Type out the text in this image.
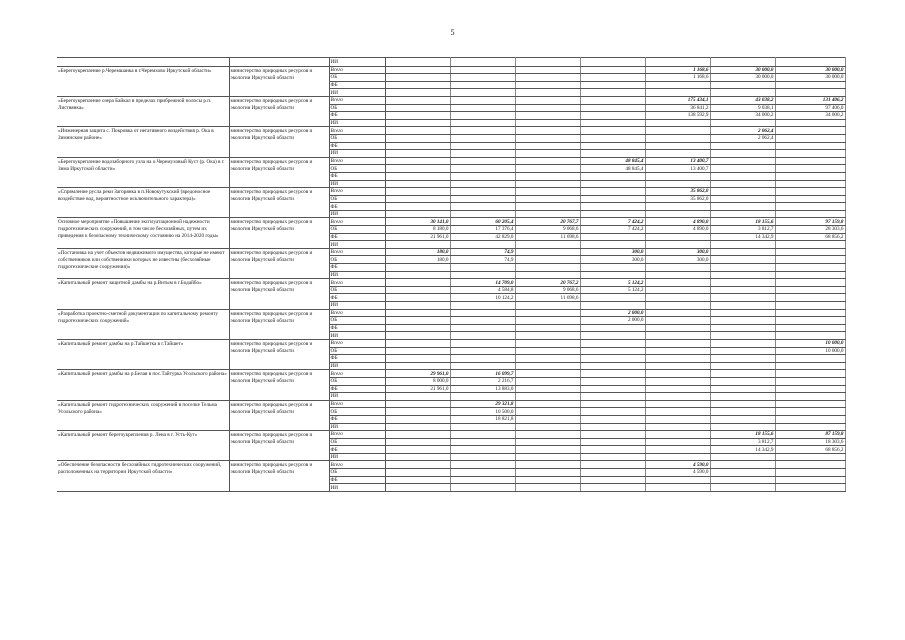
5
		ИИ							
«Берегоукрепление р.Черемшанка в г.Черемхово Иркутской области»	министерство природных ресурсов и экологии Иркутской области	Всего					1 168,6	30 000,0	30 000,0
		ОБ					1 168,6	30 000,0	30 000,0
		ФБ							
		ИИ							
«Берегоукрепление озера Байкал в пределах прибрежной полосы р.п. Листвянка»	министерство природных ресурсов и экологии Иркутской области	Всего					175 434,1	43 038,2	131 406,2
		ОБ					36 841,2	9 038,1	97 406,0
		ФБ					138 592,9	34 000,2	34 000,2
		ИИ							
«Инженерная защита с. Покровка от негативного воздействия р. Ока в Зиминском районе»	министерство природных ресурсов и экологии Иркутской области	Всего						2 062,4	
		ОБ						2 062,4	
		ФБ							
		ИИ							
«Берегоукрепление водозаборного узла на о.Черемуховый Куст (р. Ока) в г. Зима Иркутской области»	министерство природных ресурсов и экологии Иркутской области	Всего				48 845,4	13 400,7		
		ОБ				48 845,4	13 400,7		
		ФБ							
		ИИ							
«Спрямление русла реки Загорянка в п.Новокутукский (вредоносное воздействие вод, вероятностное исключительного характера)»	министерство природных ресурсов и экологии Иркутской области	Всего					35 862,0		
		ОБ					35 862,0		
		ФБ							
		ИИ							
Основное мероприятие «Повышение эксплуатационной надежности гидротехнических сооружений, в том числе бесхозяйных, путем их приведения к безопасному техническому состоянию на 2014-2020 годы»	министерство природных ресурсов и экологии Иркутской области	Всего	30 141,0	60 205,4	20 767,7	7 424,2	4 890,0	18 155,6	97 159,8
		ОБ	8 180,0	17 376,4	9 068,6	7 424,2	4 890,0	3 812,7	28 303,6
		ФБ	21 961,0	42 829,0	11 698,6			14 342,9	68 856,2
		ИИ							
«Постановка на учет объектов недвижимого имущества, которые не имеют собственников или собственники которых не известны (бесхозяйные гидротехнические сооружения)»	министерство природных ресурсов и экологии Иркутской области	Всего	180,0	74,9		300,0	300,0		
		ОБ	180,0	74,9		300,0	300,0		
		ФБ							
		ИИ							
«Капитальный ремонт защитной дамбы на р.Витым в г.Бодайбо»	министерство природных ресурсов и экологии Иркутской области	Всего		14 709,0	20 767,2	5 124,2			
		ОБ		4 584,8	9 068,6	5 124,2			
		ФБ		10 124,2	11 698,6				
		ИИ							
«Разработка проектно-сметной документации по капитальному ремонту гидротехнических сооружений»	министерство природных ресурсов и экологии Иркутской области	Всего				2 000,0			
		ОБ				2 000,0			
		ФБ							
		ИИ							
«Капитальный ремонт дамбы на р.Тайшетка в г.Тайшет»	министерство природных ресурсов и экологии Иркутской области	Всего							10 000,0
		ОБ							10 000,0
		ФБ							
		ИИ							
«Капитальный ремонт дамбы на р.Белая в пос.Тайтурка Усольского района»	министерство природных ресурсов и экологии Иркутской области	Всего	29 961,0	16 099,7					
		ОБ	8 000,0	2 216,7					
		ФБ	21 961,0	13 883,0					
		ИИ							
«Капитальный ремонт гидротехнических сооружений в поселке Тельма Усольского района»	министерство природных ресурсов и экологии Иркутской области	Всего		29 321,8					
		ОБ		10 500,0					
		ФБ		18 821,8					
		ИИ							
«Капитальный ремонт берегоукрепления р. Лена в г. Усть-Кут»	министерство природных ресурсов и экологии Иркутской области	Всего						18 155,6	87 159,8
		ОБ						3 812,7	18 303,6
		ФБ						14 342,9	68 856,2
		ИИ							
«Обеспечение безопасности бесхозяйных гидротехнических сооружений, расположенных на территории Иркутской области»	министерство природных ресурсов и экологии Иркутской области	Всего					4 590,0		
		ОБ					4 590,0		
		ФБ							
		ИИ							
